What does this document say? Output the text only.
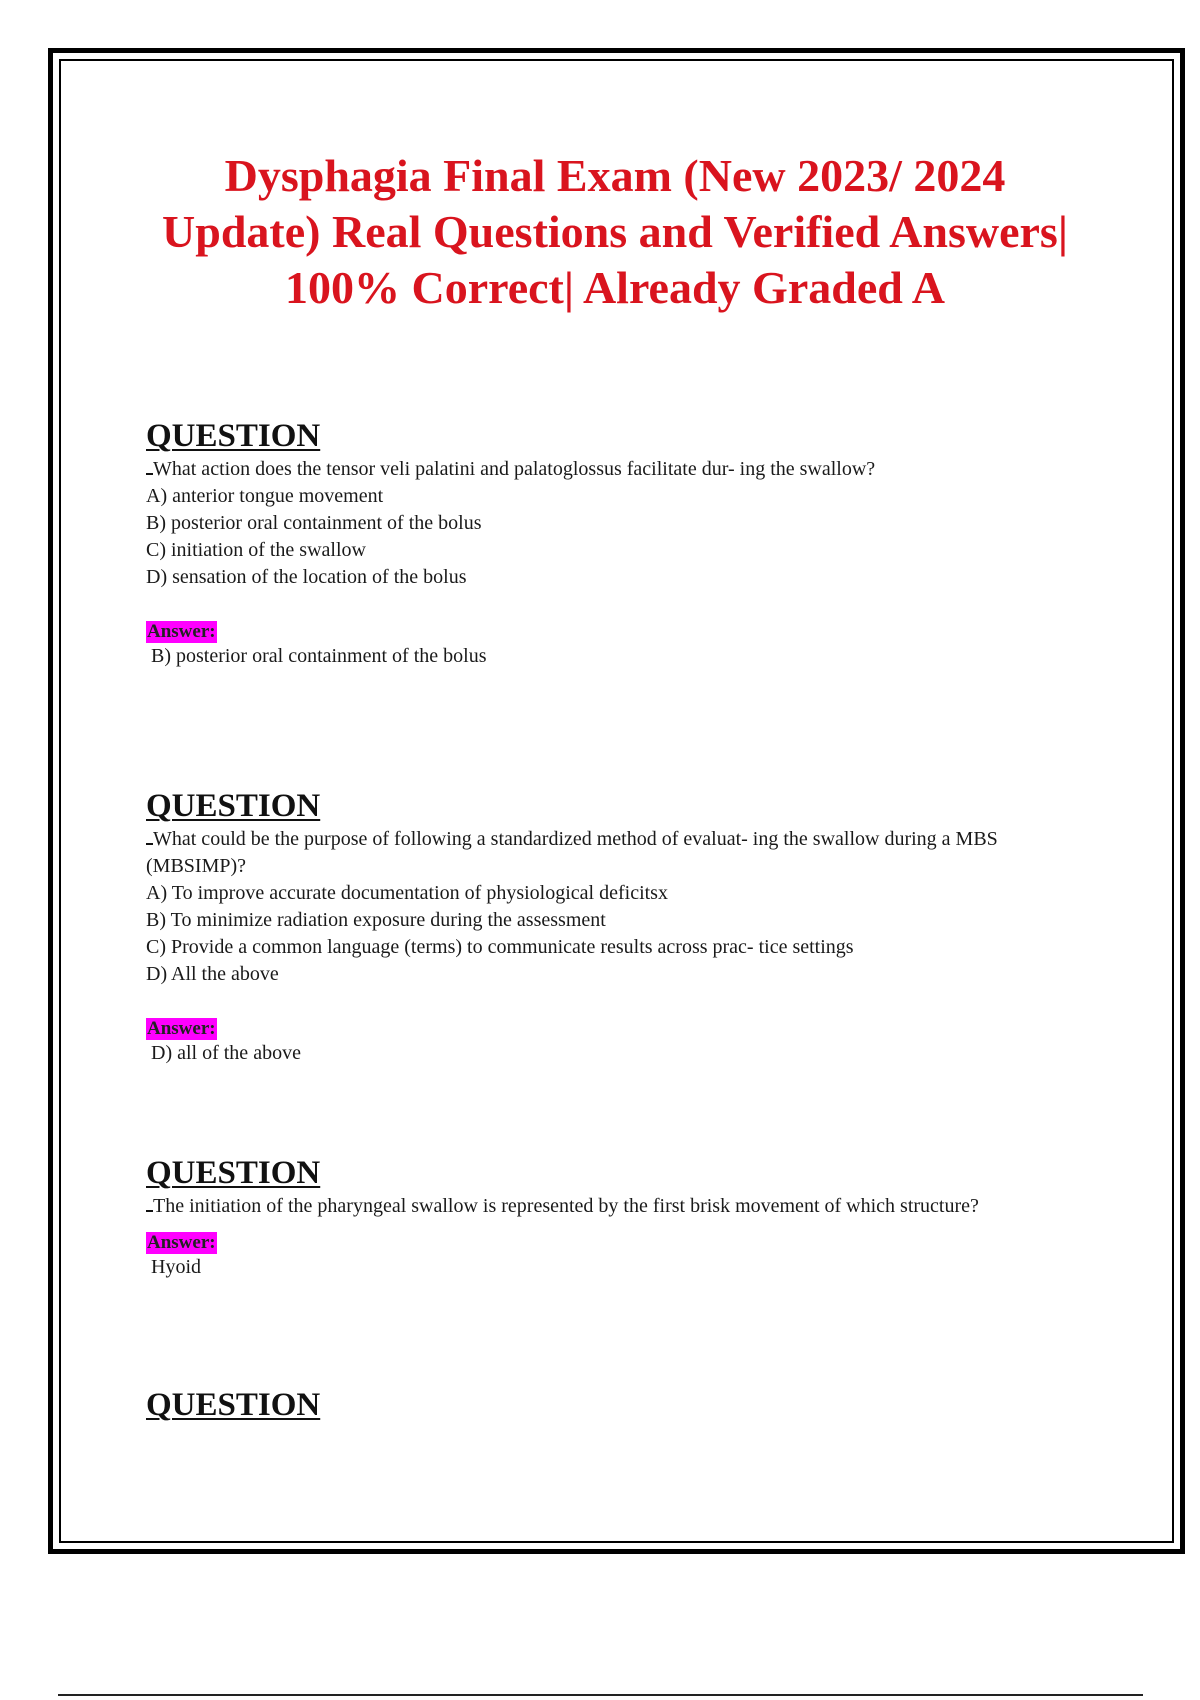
Dysphagia Final Exam (New 2023/ 2024 Update) Real Questions and Verified Answers| 100% Correct| Already Graded A
QUESTION

What action does the tensor veli palatini and palatoglossus facilitate dur- ing the swallow?

A) anterior tongue movement

B) posterior oral containment of the bolus

C) initiation of the swallow

D) sensation of the location of the bolus

Answer:

B) posterior oral containment of the bolus

QUESTION

What could be the purpose of following a standardized method of evaluat- ing the swallow during a MBS (MBSIMP)?

A) To improve accurate documentation of physiological deficitsx

B) To minimize radiation exposure during the assessment

C) Provide a common language (terms) to communicate results across prac- tice settings

D) All the above

Answer:

D) all of the above

QUESTION

The initiation of the pharyngeal swallow is represented by the first brisk movement of which structure?

Answer:

Hyoid

QUESTION
